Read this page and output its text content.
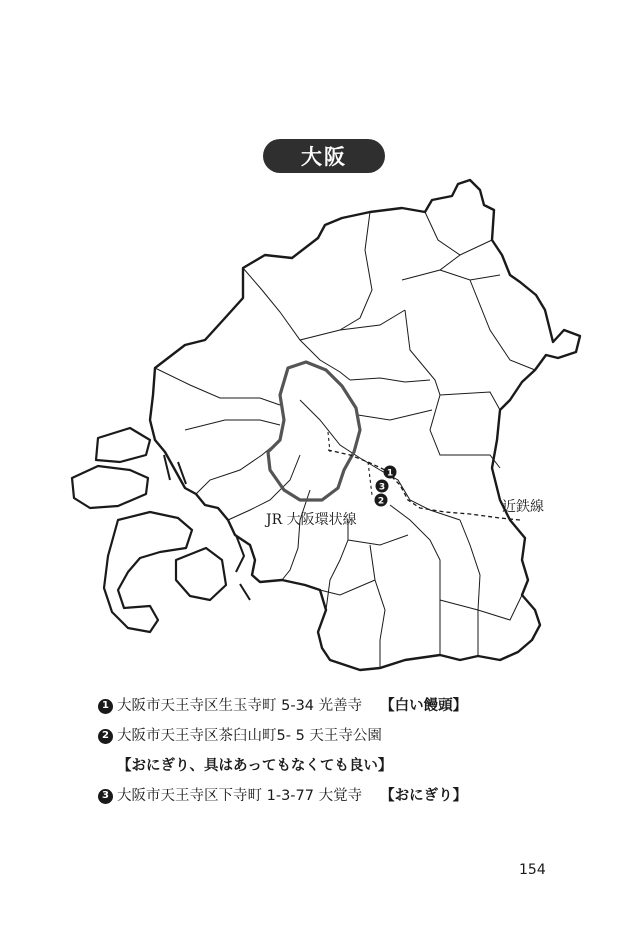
大阪
1
3
2
JR 大阪環状線
近鉄線
1 大阪市天王寺区生玉寺町 5-34 光善寺 【白い饅頭】
2 大阪市天王寺区茶臼山町5- 5 天王寺公園
【おにぎり、具はあってもなくても良い】
3 大阪市天王寺区下寺町 1-3-77 大覚寺 【おにぎり】
154
